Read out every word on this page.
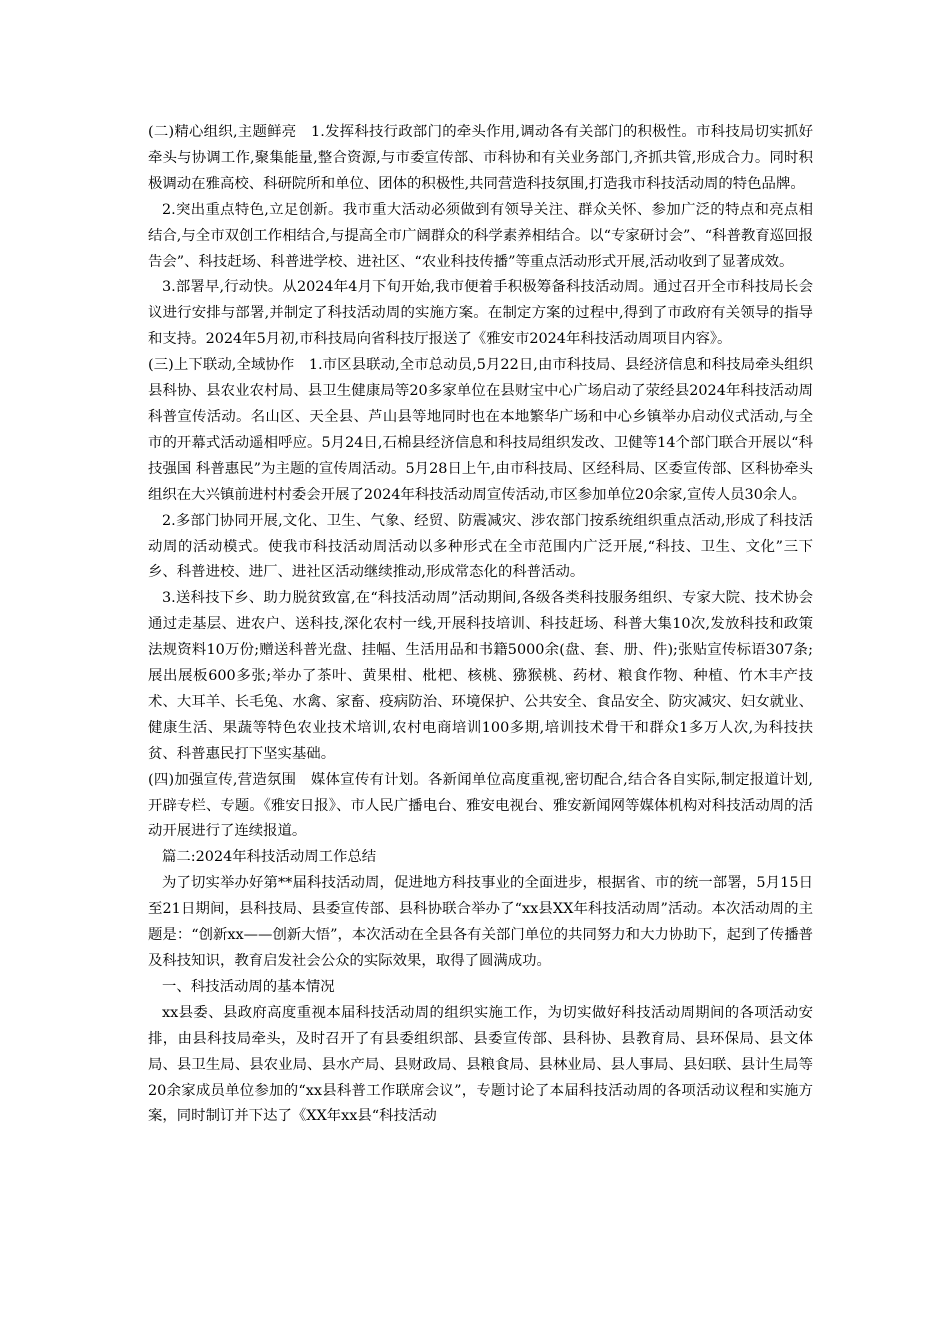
(二)精心组织,主题鲜亮　1.发挥科技行政部门的牵头作用,调动各有关部门的积极性。市科技局切实抓好牵头与协调工作,聚集能量,整合资源,与市委宣传部、市科协和有关业务部门,齐抓共管,形成合力。同时积极调动在雅高校、科研院所和单位、团体的积极性,共同营造科技氛围,打造我市科技活动周的特色品牌。

2.突出重点特色,立足创新。我市重大活动必须做到有领导关注、群众关怀、参加广泛的特点和亮点相结合,与全市双创工作相结合,与提高全市广阔群众的科学素养相结合。以“专家研讨会”、“科普教育巡回报告会”、科技赶场、科普进学校、进社区、“农业科技传播”等重点活动形式开展,活动收到了显著成效。

3.部署早,行动快。从2024年4月下旬开始,我市便着手积极筹备科技活动周。通过召开全市科技局长会议进行安排与部署,并制定了科技活动周的实施方案。在制定方案的过程中,得到了市政府有关领导的指导和支持。2024年5月初,市科技局向省科技厅报送了《雅安市2024年科技活动周项目内容》。

(三)上下联动,全域协作　1.市区县联动,全市总动员,5月22日,由市科技局、县经济信息和科技局牵头组织县科协、县农业农村局、县卫生健康局等20多家单位在县财宝中心广场启动了荥经县2024年科技活动周科普宣传活动。名山区、天全县、芦山县等地同时也在本地繁华广场和中心乡镇举办启动仪式活动,与全市的开幕式活动遥相呼应。5月24日,石棉县经济信息和科技局组织发改、卫健等14个部门联合开展以“科技强国 科普惠民”为主题的宣传周活动。5月28日上午,由市科技局、区经科局、区委宣传部、区科协牵头组织在大兴镇前进村村委会开展了2024年科技活动周宣传活动,市区参加单位20余家,宣传人员30余人。

2.多部门协同开展,文化、卫生、气象、经贸、防震减灾、涉农部门按系统组织重点活动,形成了科技活动周的活动模式。使我市科技活动周活动以多种形式在全市范围内广泛开展,“科技、卫生、文化”三下乡、科普进校、进厂、进社区活动继续推动,形成常态化的科普活动。

3.送科技下乡、助力脱贫致富,在“科技活动周”活动期间,各级各类科技服务组织、专家大院、技术协会通过走基层、进农户、送科技,深化农村一线,开展科技培训、科技赶场、科普大集10次,发放科技和政策法规资料10万份;赠送科普光盘、挂幅、生活用品和书籍5000余(盘、套、册、件);张贴宣传标语307条;展出展板600多张;举办了茶叶、黄果柑、枇杷、核桃、猕猴桃、药材、粮食作物、种植、竹木丰产技术、大耳羊、长毛兔、水禽、家畜、疫病防治、环境保护、公共安全、食品安全、防灾减灾、妇女就业、健康生活、果蔬等特色农业技术培训,农村电商培训100多期,培训技术骨干和群众1多万人次,为科技扶贫、科普惠民打下坚实基础。

(四)加强宣传,营造氛围　媒体宣传有计划。各新闻单位高度重视,密切配合,结合各自实际,制定报道计划,开辟专栏、专题。《雅安日报》、市人民广播电台、雅安电视台、雅安新闻网等媒体机构对科技活动周的活动开展进行了连续报道。

篇二:2024年科技活动周工作总结

为了切实举办好第**届科技活动周，促进地方科技事业的全面进步，根据省、市的统一部署，5月15日至21日期间，县科技局、县委宣传部、县科协联合举办了“xx县XX年科技活动周”活动。本次活动周的主题是：“创新xx——创新大悟”，本次活动在全县各有关部门单位的共同努力和大力协助下，起到了传播普及科技知识，教育启发社会公众的实际效果，取得了圆满成功。

一、科技活动周的基本情况

xx县委、县政府高度重视本届科技活动周的组织实施工作，为切实做好科技活动周期间的各项活动安排，由县科技局牵头，及时召开了有县委组织部、县委宣传部、县科协、县教育局、县环保局、县文体局、县卫生局、县农业局、县水产局、县财政局、县粮食局、县林业局、县人事局、县妇联、县计生局等20余家成员单位参加的“xx县科普工作联席会议”，专题讨论了本届科技活动周的各项活动议程和实施方案，同时制订并下达了《XX年xx县“科技活动
